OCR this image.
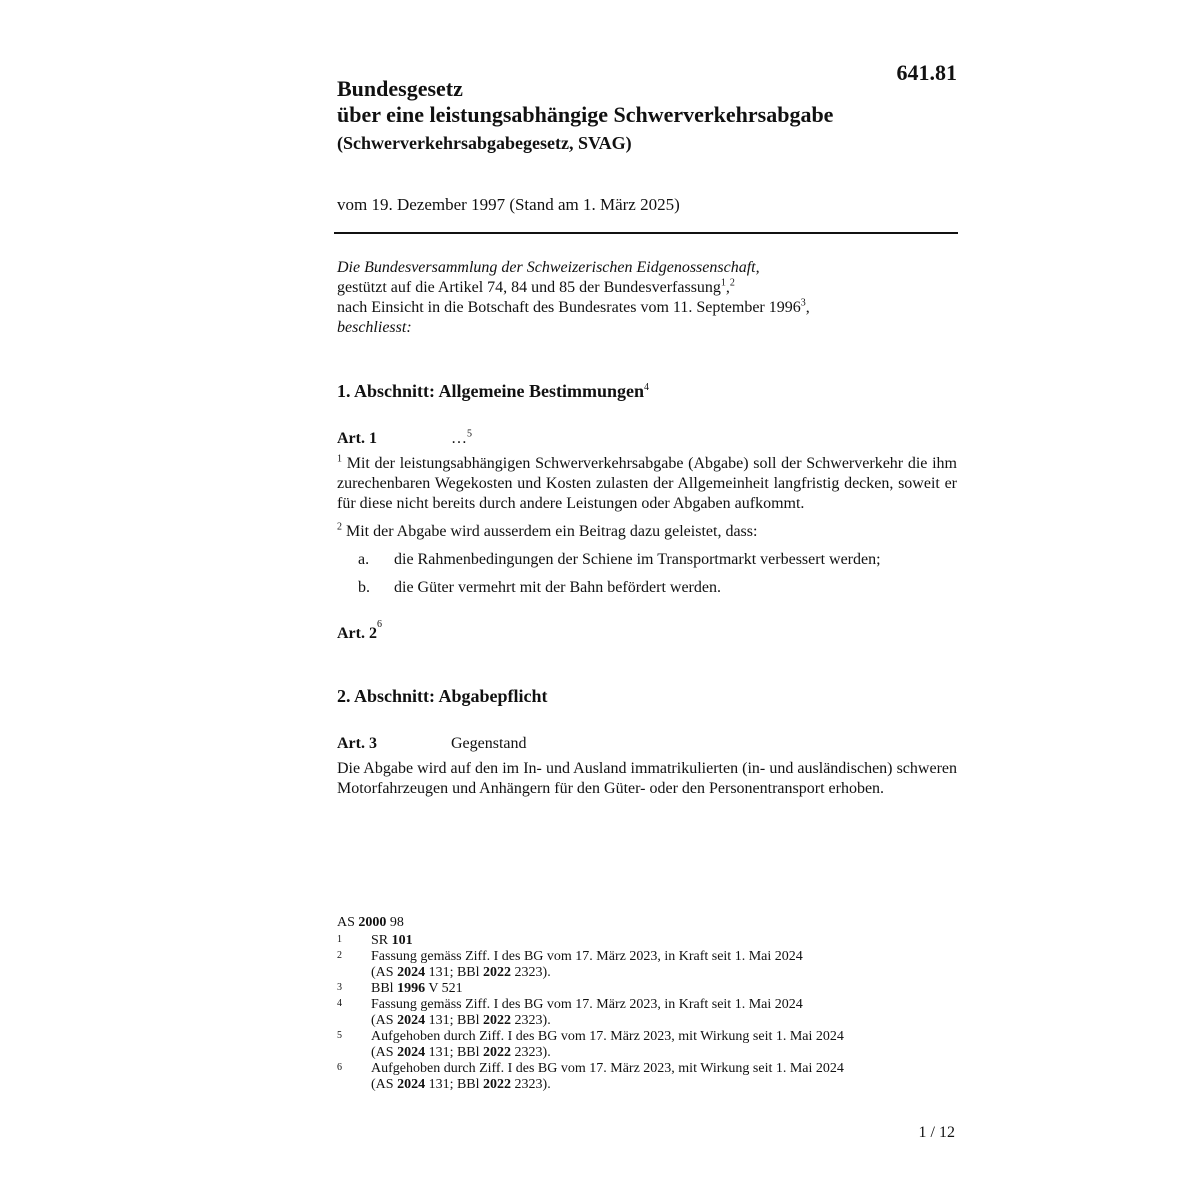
641.81
Bundesgesetz
über eine leistungsabhängige Schwerverkehrsabgabe
(Schwerverkehrsabgabegesetz, SVAG)
vom 19. Dezember 1997 (Stand am 1. März 2025)
Die Bundesversammlung der Schweizerischen Eidgenossenschaft,
gestützt auf die Artikel 74, 84 und 85 der Bundesverfassung$^1$,$^2$
nach Einsicht in die Botschaft des Bundesrates vom 11. September 1996$^3$,
beschliesst:
1. Abschnitt: Allgemeine Bestimmungen$^4$
Art. 1	…$^5$
$^1$ Mit der leistungsabhängigen Schwerverkehrsabgabe (Abgabe) soll der Schwerverkehr die ihm zurechenbaren Wegekosten und Kosten zulasten der Allgemeinheit langfristig decken, soweit er für diese nicht bereits durch andere Leistungen oder Abgaben aufkommt.
$^2$ Mit der Abgabe wird ausserdem ein Beitrag dazu geleistet, dass:
a.	die Rahmenbedingungen der Schiene im Transportmarkt verbessert werden;
b.	die Güter vermehrt mit der Bahn befördert werden.
Art. 2
6
2. Abschnitt: Abgabepflicht
Art. 3	Gegenstand
Die Abgabe wird auf den im In- und Ausland immatrikulierten (in- und ausländischen) schweren Motorfahrzeugen und Anhängern für den Güter- oder den Personentransport erhoben.
AS 2000 98
1	SR 101
2	Fassung gemäss Ziff. I des BG vom 17. März 2023, in Kraft seit 1. Mai 2024
(AS 2024 131; BBl 2022 2323).
3	BBl 1996 V 521
4	Fassung gemäss Ziff. I des BG vom 17. März 2023, in Kraft seit 1. Mai 2024
(AS 2024 131; BBl 2022 2323).
5	Aufgehoben durch Ziff. I des BG vom 17. März 2023, mit Wirkung seit 1. Mai 2024
(AS 2024 131; BBl 2022 2323).
6	Aufgehoben durch Ziff. I des BG vom 17. März 2023, mit Wirkung seit 1. Mai 2024
(AS 2024 131; BBl 2022 2323).
1 / 12
